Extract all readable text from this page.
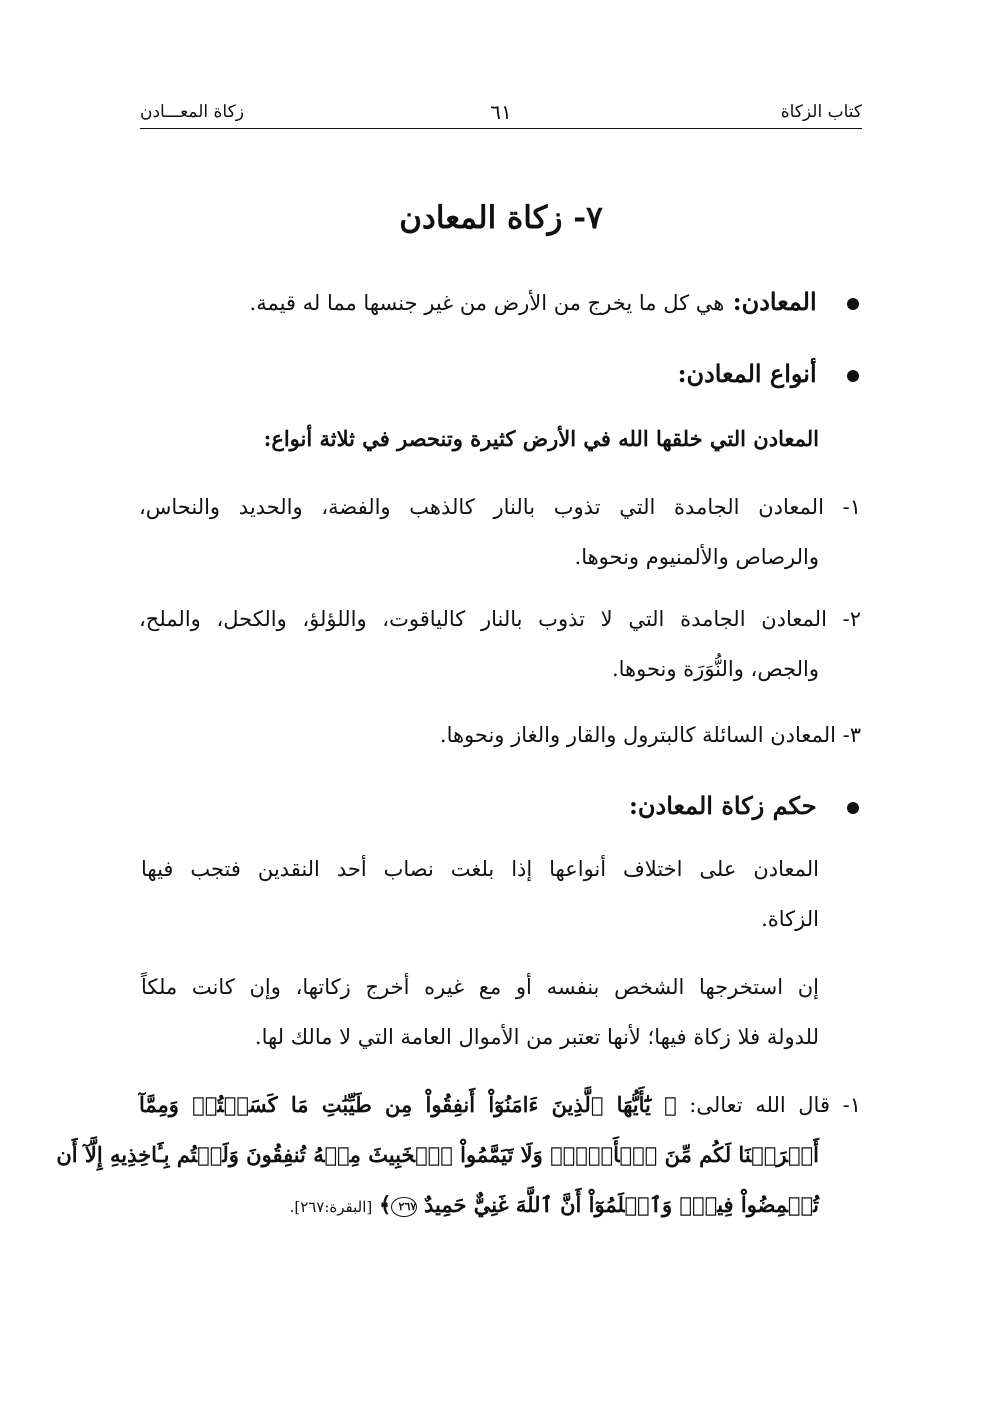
كتاب الزكاة
٦١
زكاة المعـــادن
٧- زكاة المعادن
المعادن: هي كل ما يخرج من الأرض من غير جنسها مما له قيمة.
أنواع المعادن:
المعادن التي خلقها الله في الأرض كثيرة وتنحصر في ثلاثة أنواع:
١- المعادن الجامدة التي تذوب بالنار كالذهب والفضة، والحديد والنحاس،
والرصاص والألمنيوم ونحوها.
٢- المعادن الجامدة التي لا تذوب بالنار كالياقوت، واللؤلؤ، والكحل، والملح،
والجص، والنُّوَرَة ونحوها.
٣- المعادن السائلة كالبترول والقار والغاز ونحوها.
حكم زكاة المعادن:
المعادن على اختلاف أنواعها إذا بلغت نصاب أحد النقدين فتجب فيها
الزكاة.
إن استخرجها الشخص بنفسه أو مع غيره أخرج زكاتها، وإن كانت ملكاً
للدولة فلا زكاة فيها؛ لأنها تعتبر من الأموال العامة التي لا مالك لها.
١- قال الله تعالى: ﴿ يَٰٓأَيُّهَا ٱلَّذِينَ ءَامَنُوٓاْ أَنفِقُواْ مِن طَيِّبَٰتِ مَا كَسَبۡتُمۡ وَمِمَّآ
أَخۡرَجۡنَا لَكُم مِّنَ ٱلۡأَرۡضِۖ وَلَا تَيَمَّمُواْ ٱلۡخَبِيثَ مِنۡهُ تُنفِقُونَ وَلَسۡتُم بِـَٔاخِذِيهِ إِلَّآ أَن
تُغۡمِضُواْ فِيهِۚ وَٱعۡلَمُوٓاْ أَنَّ ٱللَّهَ غَنِيٌّ حَمِيدٌ ٢٦٧﴾ [البقرة:٢٦٧].
